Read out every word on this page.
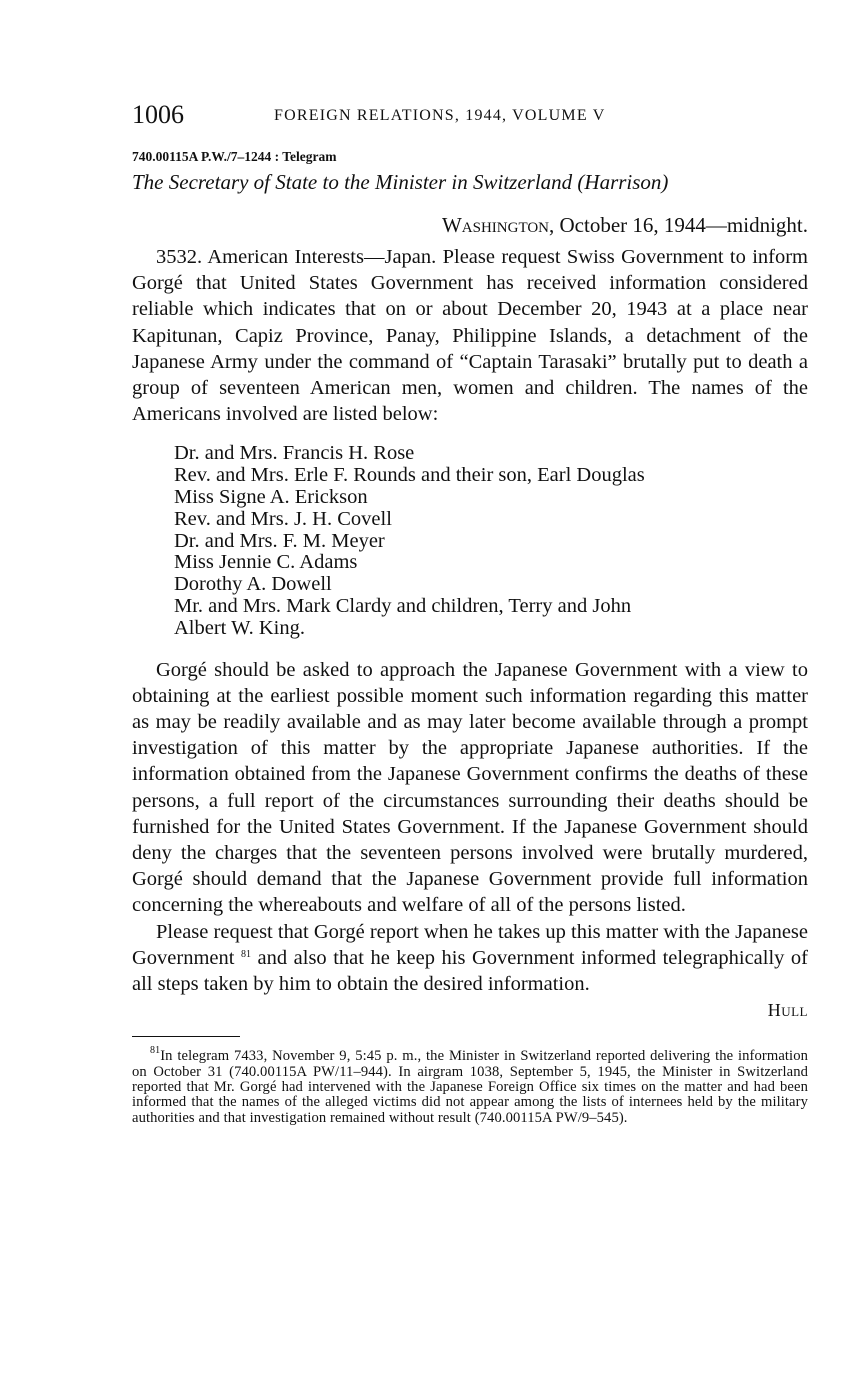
1006	FOREIGN RELATIONS, 1944, VOLUME V
740.00115A P.W./7–1244 : Telegram
The Secretary of State to the Minister in Switzerland (Harrison)
Washington, October 16, 1944—midnight.

3532. American Interests—Japan. Please request Swiss Government to inform Gorgé that United States Government has received information considered reliable which indicates that on or about December 20, 1943 at a place near Kapitunan, Capiz Province, Panay, Philippine Islands, a detachment of the Japanese Army under the command of “Captain Tarasaki” brutally put to death a group of seventeen American men, women and children. The names of the Americans involved are listed below:

Dr. and Mrs. Francis H. Rose
Rev. and Mrs. Erle F. Rounds and their son, Earl Douglas
Miss Signe A. Erickson
Rev. and Mrs. J. H. Covell
Dr. and Mrs. F. M. Meyer
Miss Jennie C. Adams
Dorothy A. Dowell
Mr. and Mrs. Mark Clardy and children, Terry and John
Albert W. King.

Gorgé should be asked to approach the Japanese Government with a view to obtaining at the earliest possible moment such information regarding this matter as may be readily available and as may later become available through a prompt investigation of this matter by the appropriate Japanese authorities. If the information obtained from the Japanese Government confirms the deaths of these persons, a full report of the circumstances surrounding their deaths should be furnished for the United States Government. If the Japanese Government should deny the charges that the seventeen persons involved were brutally murdered, Gorgé should demand that the Japanese Government provide full information concerning the whereabouts and welfare of all of the persons listed.

Please request that Gorgé report when he takes up this matter with the Japanese Government $^{81}$ and also that he keep his Government informed telegraphically of all steps taken by him to obtain the desired information.

Hull

$^{81}$In telegram 7433, November 9, 5:45 p. m., the Minister in Switzerland reported delivering the information on October 31 (740.00115A PW/11–944). In airgram 1038, September 5, 1945, the Minister in Switzerland reported that Mr. Gorgé had intervened with the Japanese Foreign Office six times on the matter and had been informed that the names of the alleged victims did not appear among the lists of internees held by the military authorities and that investigation remained without result (740.00115A PW/9–545).
